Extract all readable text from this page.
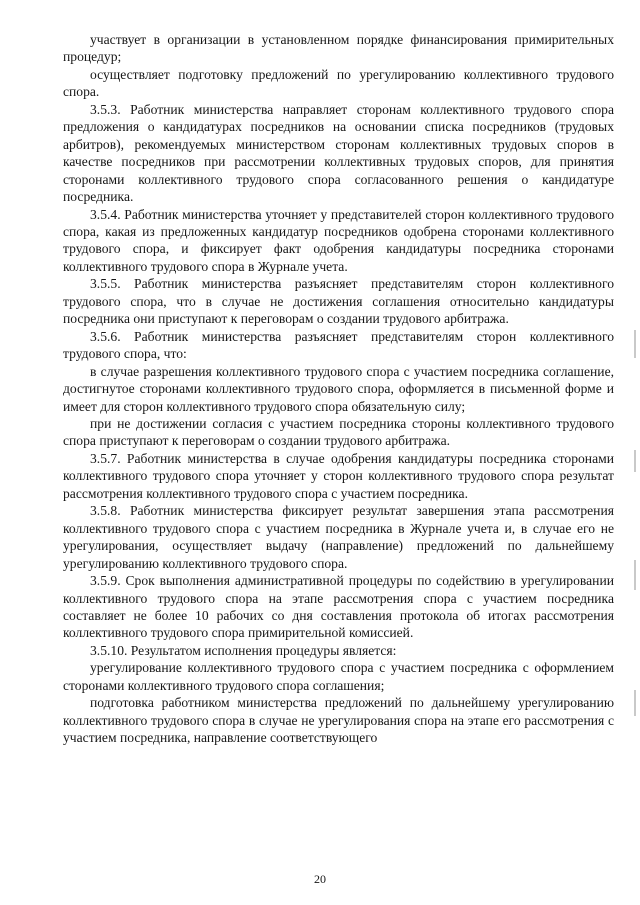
участвует в организации в установленном порядке финансирования примирительных процедур;

осуществляет подготовку предложений по урегулированию коллективного трудового спора.

3.5.3. Работник министерства направляет сторонам коллективного трудового спора предложения о кандидатурах посредников на основании списка посредников (трудовых арбитров), рекомендуемых министерством сторонам коллективных трудовых споров в качестве посредников при рассмотрении коллективных трудовых споров, для принятия сторонами коллективного трудового спора согласованного решения о кандидатуре посредника.

3.5.4. Работник министерства уточняет у представителей сторон коллективного трудового спора, какая из предложенных кандидатур посредников одобрена сторонами коллективного трудового спора, и фиксирует факт одобрения кандидатуры посредника сторонами коллективного трудового спора в Журнале учета.

3.5.5. Работник министерства разъясняет представителям сторон коллективного трудового спора, что в случае не достижения соглашения относительно кандидатуры посредника они приступают к переговорам о создании трудового арбитража.

3.5.6. Работник министерства разъясняет представителям сторон коллективного трудового спора, что:

в случае разрешения коллективного трудового спора с участием посредника соглашение, достигнутое сторонами коллективного трудового спора, оформляется в письменной форме и имеет для сторон коллективного трудового спора обязательную силу;

при не достижении согласия с участием посредника стороны коллективного трудового спора приступают к переговорам о создании трудового арбитража.

3.5.7. Работник министерства в случае одобрения кандидатуры посредника сторонами коллективного трудового спора уточняет у сторон коллективного трудового спора результат рассмотрения коллективного трудового спора с участием посредника.

3.5.8. Работник министерства фиксирует результат завершения этапа рассмотрения коллективного трудового спора с участием посредника в Журнале учета и, в случае его не урегулирования, осуществляет выдачу (направление) предложений по дальнейшему урегулированию коллективного трудового спора.

3.5.9. Срок выполнения административной процедуры по содействию в урегулировании коллективного трудового спора на этапе рассмотрения спора с участием посредника составляет не более 10 рабочих со дня составления протокола об итогах рассмотрения коллективного трудового спора примирительной комиссией.

3.5.10. Результатом исполнения процедуры является:

урегулирование коллективного трудового спора с участием посредника с оформлением сторонами коллективного трудового спора соглашения;

подготовка работником министерства предложений по дальнейшему урегулированию коллективного трудового спора в случае не урегулирования спора на этапе его рассмотрения с участием посредника, направление соответствующего

20
